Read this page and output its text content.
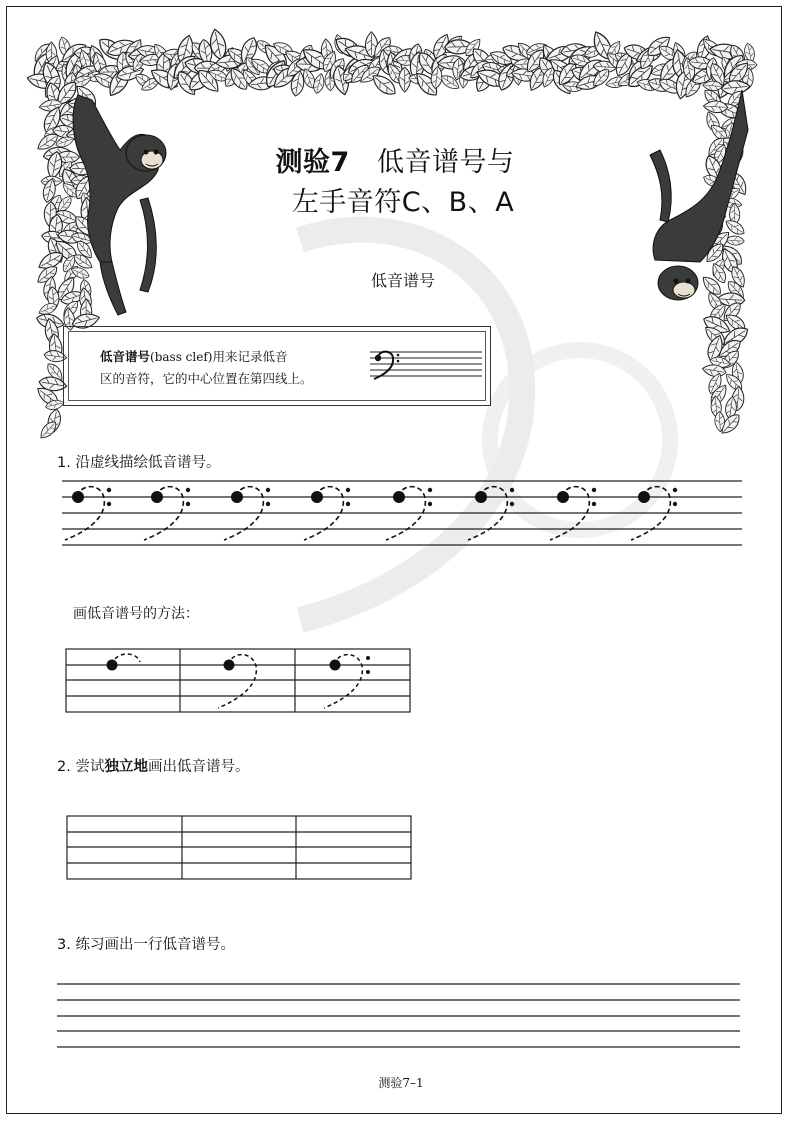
测验7 低音谱号与
左手音符C、B、A
低音谱号
低音谱号(bass clef)用来记录低音
区的音符，它的中心位置在第四线上。
1. 沿虚线描绘低音谱号。
画低音谱号的方法：
2. 尝试独立地画出低音谱号。
3. 练习画出一行低音谱号。
测验7–1
